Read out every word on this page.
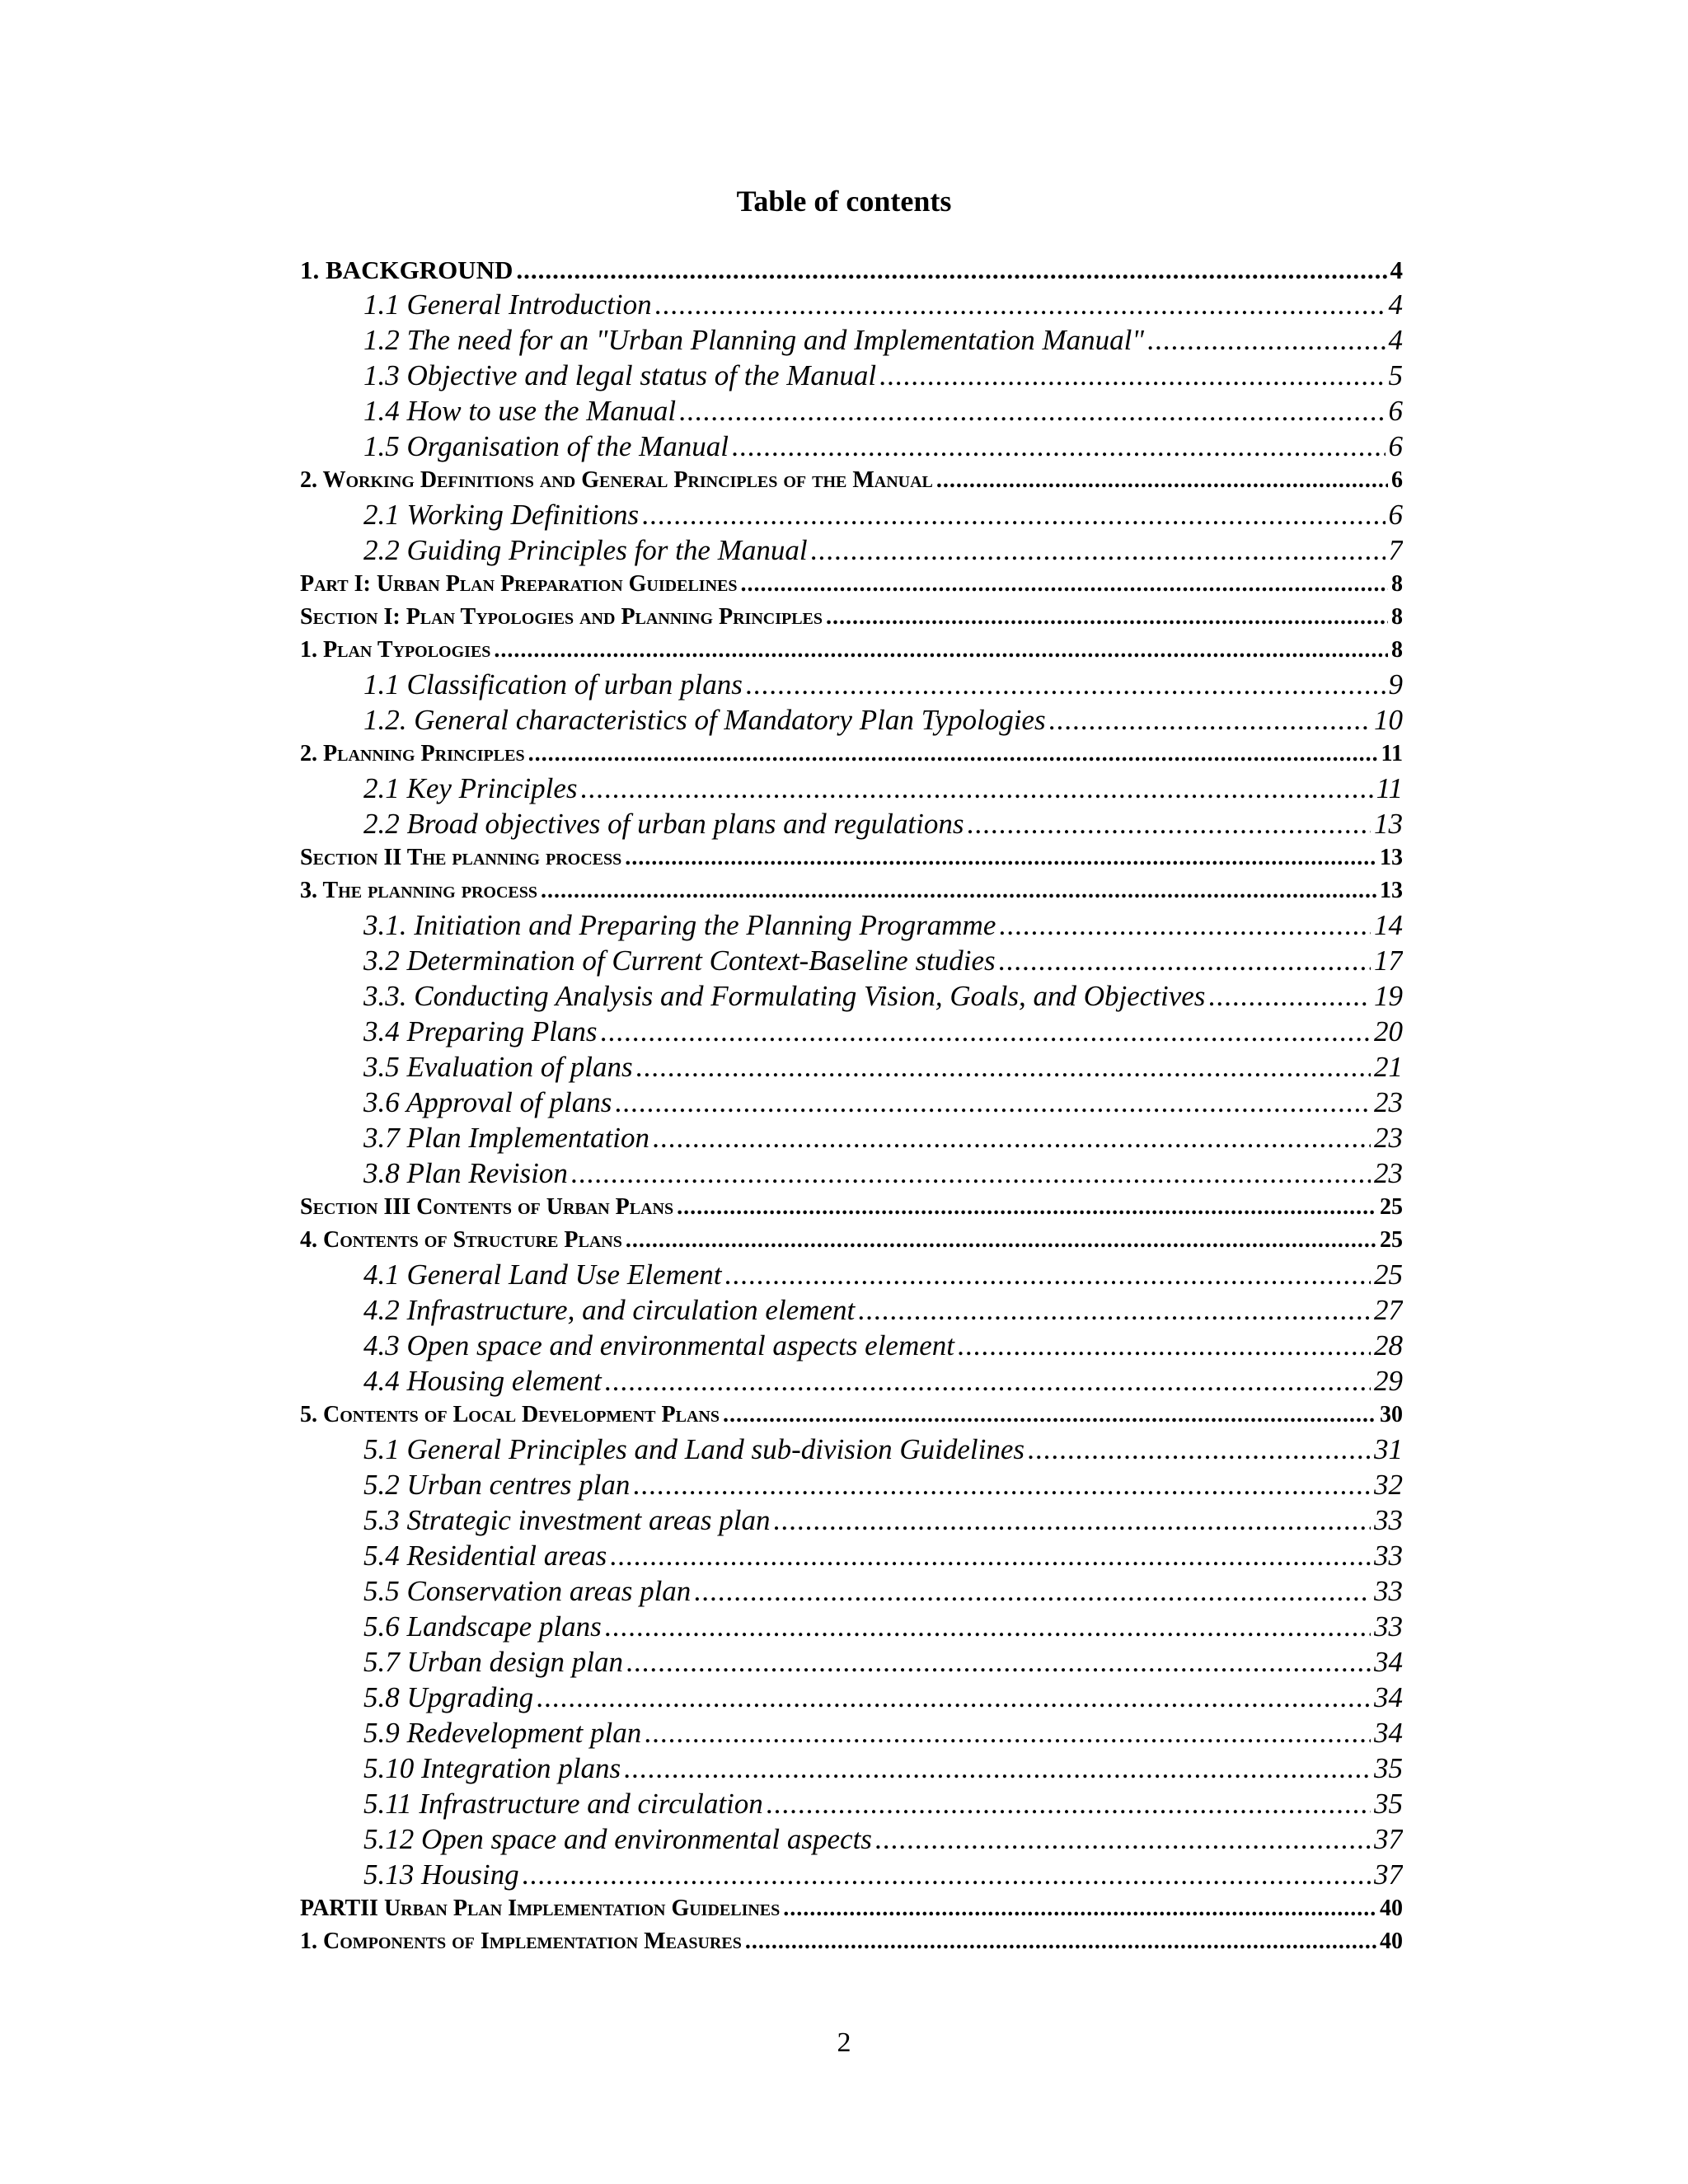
Table of contents
1. BACKGROUND .....	4
1.1 General Introduction .....	4
1.2 The need for an "Urban Planning and Implementation Manual" .....	4
1.3 Objective and legal status of the Manual .....	5
1.4 How to use the Manual .....	6
1.5 Organisation of the Manual .....	6
2. Working Definitions and General Principles of the Manual .....	6
2.1 Working Definitions .....	6
2.2 Guiding Principles for the Manual .....	7
Part I: Urban Plan Preparation Guidelines .....	8
Section I: Plan Typologies and Planning Principles .....	8
1. Plan Typologies .....	8
1.1 Classification of urban plans .....	9
1.2. General characteristics of Mandatory Plan Typologies .....	10
2. Planning Principles .....	11
2.1 Key Principles .....	11
2.2 Broad objectives of urban plans and regulations .....	13
Section II The planning process .....	13
3. The planning process .....	13
3.1. Initiation and Preparing the Planning Programme .....	14
3.2 Determination of Current Context-Baseline studies .....	17
3.3. Conducting Analysis and Formulating Vision, Goals, and Objectives .....	19
3.4 Preparing Plans .....	20
3.5 Evaluation of plans .....	21
3.6 Approval of plans .....	23
3.7 Plan Implementation .....	23
3.8 Plan Revision .....	23
Section III Contents of Urban Plans .....	25
4. Contents of Structure Plans .....	25
4.1 General Land Use Element .....	25
4.2 Infrastructure, and circulation element .....	27
4.3 Open space and environmental aspects element .....	28
4.4 Housing element .....	29
5. Contents of Local Development Plans .....	30
5.1 General Principles and Land sub-division Guidelines .....	31
5.2 Urban centres plan .....	32
5.3 Strategic investment areas plan .....	33
5.4 Residential areas .....	33
5.5 Conservation areas plan .....	33
5.6 Landscape plans .....	33
5.7 Urban design plan .....	34
5.8 Upgrading .....	34
5.9 Redevelopment plan .....	34
5.10 Integration plans .....	35
5.11 Infrastructure and circulation .....	35
5.12 Open space and environmental aspects .....	37
5.13 Housing .....	37
PARTII Urban Plan Implementation Guidelines .....	40
1. Components of Implementation Measures .....	40
2
